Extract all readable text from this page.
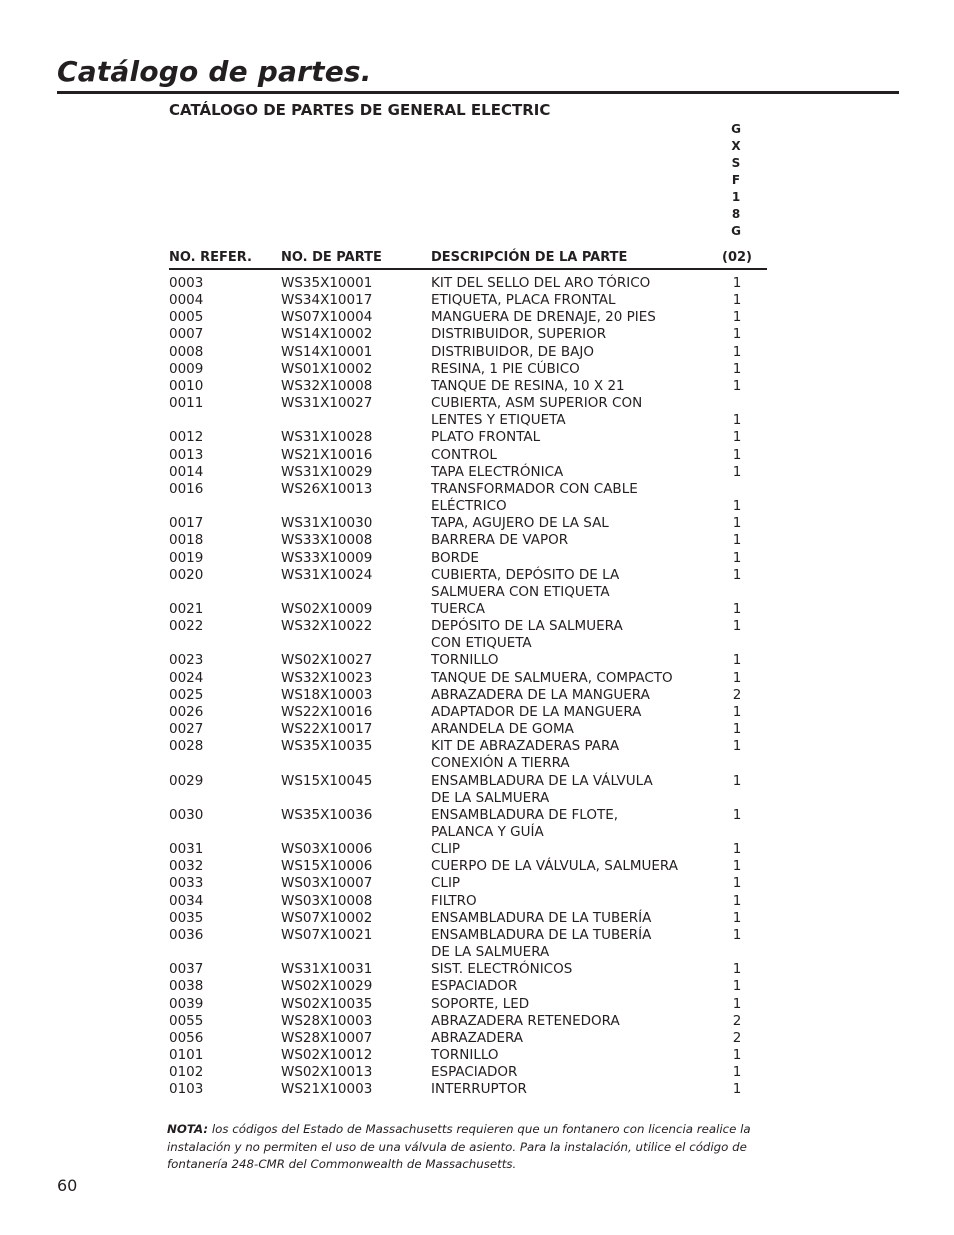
Catálogo de partes.
CATÁLOGO DE PARTES DE GENERAL ELECTRIC
G
X
S
F
1
8
G
NO. REFER. NO. DE PARTE	DESCRIPCIÓN DE LA PARTE	(02)
0003	WS35X10001	KIT DEL SELLO DEL ARO TÓRICO	1
0004	WS34X10017	ETIQUETA, PLACA FRONTAL	1
0005	WS07X10004	MANGUERA DE DRENAJE, 20 PIES	1
0007	WS14X10002	DISTRIBUIDOR, SUPERIOR	1
0008	WS14X10001	DISTRIBUIDOR, DE BAJO	1
0009	WS01X10002	RESINA, 1 PIE CÚBICO	1
0010	WS32X10008	TANQUE DE RESINA, 10 X 21	1
0011	WS31X10027	CUBIERTA, ASM SUPERIOR CON
LENTES Y ETIQUETA	1
0012	WS31X10028	PLATO FRONTAL	1
0013	WS21X10016	CONTROL	1
0014	WS31X10029	TAPA ELECTRÓNICA	1
0016	WS26X10013	TRANSFORMADOR CON CABLE
ELÉCTRICO	1
0017	WS31X10030	TAPA, AGUJERO DE LA SAL	1
0018	WS33X10008	BARRERA DE VAPOR	1
0019	WS33X10009	BORDE	1
0020	WS31X10024	CUBIERTA, DEPÓSITO DE LA
SALMUERA CON ETIQUETA
1
0021	WS02X10009	TUERCA	1
0022	WS32X10022	DEPÓSITO DE LA SALMUERA
CON ETIQUETA
1
0023	WS02X10027	TORNILLO	1
0024	WS32X10023	TANQUE DE SALMUERA, COMPACTO	1
0025	WS18X10003	ABRAZADERA DE LA MANGUERA	2
0026	WS22X10016	ADAPTADOR DE LA MANGUERA	1
0027	WS22X10017	ARANDELA DE GOMA	1
0028	WS35X10035	KIT DE ABRAZADERAS PARA
CONEXIÓN A TIERRA
1
0029	WS15X10045	ENSAMBLADURA DE LA VÁLVULA
DE LA SALMUERA
1
0030	WS35X10036	ENSAMBLADURA DE FLOTE,
PALANCA Y GUÍA
1
0031	WS03X10006	CLIP	1
0032	WS15X10006	CUERPO DE LA VÁLVULA, SALMUERA	1
0033	WS03X10007	CLIP	1
0034	WS03X10008	FILTRO	1
0035	WS07X10002	ENSAMBLADURA DE LA TUBERÍA	1
0036	WS07X10021	ENSAMBLADURA DE LA TUBERÍA
DE LA SALMUERA
1
0037	WS31X10031	SIST. ELECTRÓNICOS	1
0038	WS02X10029	ESPACIADOR	1
0039	WS02X10035	SOPORTE, LED	1
0055	WS28X10003	ABRAZADERA RETENEDORA	2
0056	WS28X10007	ABRAZADERA	2
0101	WS02X10012	TORNILLO	1
0102	WS02X10013	ESPACIADOR	1
0103	WS21X10003	INTERRUPTOR	1
NOTA: los códigos del Estado de Massachusetts requieren que un fontanero con licencia realice la instalación y no permiten el uso de una válvula de asiento. Para la instalación, utilice el código de fontanería 248-CMR del Commonwealth de Massachusetts.
60
